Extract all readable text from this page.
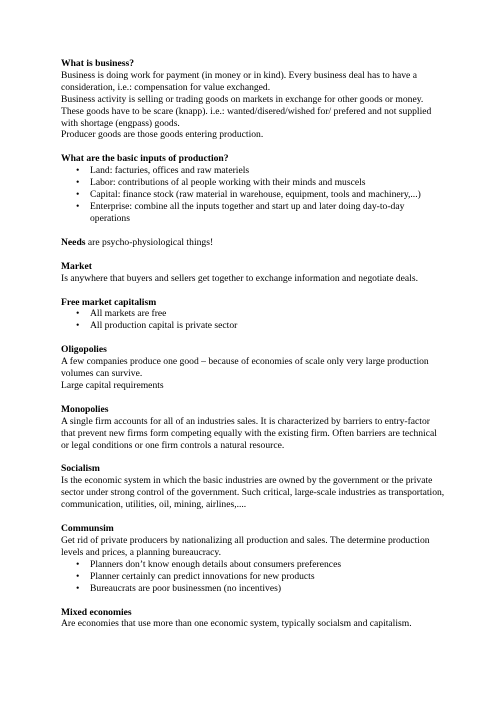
What is business?

Business is doing work for payment (in money or in kind). Every business deal has to have a consideration, i.e.: compensation for value exchanged.

Business activity is selling or trading goods on markets in exchange for other goods or money. These goods have to be scare (knapp). i.e.: wanted/disered/wished for/ prefered and not supplied with shortage (engpass) goods.

Producer goods are those goods entering production.

What are the basic inputs of production?
• Land: facturies, offices and raw materiels
• Labor: contributions of al people working with their minds and muscels
• Capital: finance stock (raw material in warehouse, equipment, tools and machinery,...)
• Enterprise: combine all the inputs together and start up and later doing day-to-day operations

Needs are psycho-physiological things!

Market

Is anywhere that buyers and sellers get together to exchange information and negotiate deals.

Free market capitalism
• All markets are free
• All production capital is private sector
Oligopolies

A few companies produce one good – because of economies of scale only very large production volumes can survive.

Large capital requirements

Monopolies

A single firm accounts for all of an industries sales. It is characterized by barriers to entry-factor that prevent new firms form competing equally with the existing firm. Often barriers are technical or legal conditions or one firm controls a natural resource.

Socialism

Is the economic system in which the basic industries are owned by the government or the private sector under strong control of the government. Such critical, large-scale industries as transportation, communication, utilities, oil, mining, airlines,....

Communsim

Get rid of private producers by nationalizing all production and sales. The determine production levels and prices, a planning bureaucracy.

• Planners don’t know enough details about consumers preferences
• Planner certainly can predict innovations for new products
• Bureaucrats are poor businessmen (no incentives)
Mixed economies

Are economies that use more than one economic system, typically socialsm and capitalism.
